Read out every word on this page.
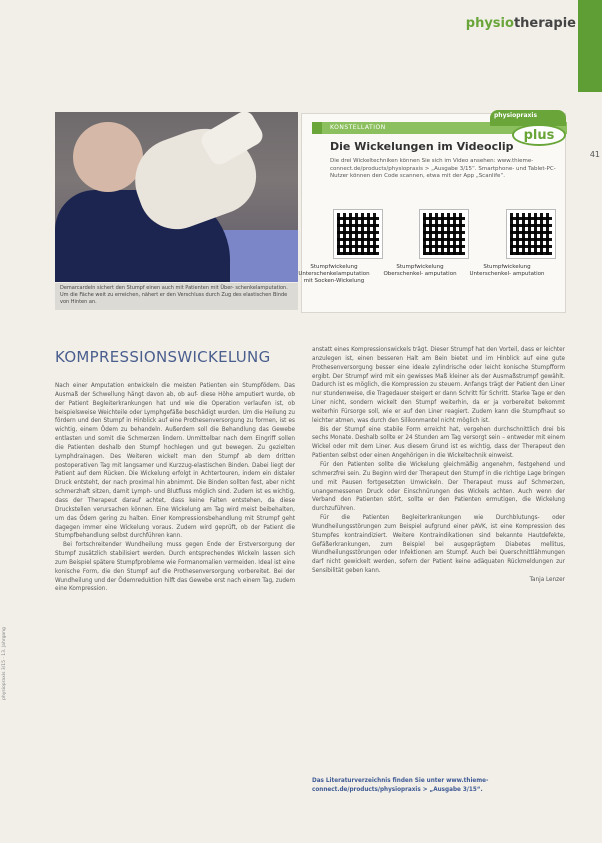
physiotherapie
41
Demarcardeln sichert den Stumpf einen auch mit Patienten mit Über- schenkelamputation. Um die Fäche weit zu erreichen, nähert er den Verschluss durch Zug des elastischen Binde von Hinten an.
KONSTELLATION
physiopraxis
plus
Die Wickelungen im Videoclip
Die drei Wickeltechniken können Sie sich im Video ansehen: www.thieme-connect.de/products/physiopraxis > „Ausgabe 3/15“. Smartphone- und Tablet-PC-Nutzer können den Code scannen, etwa mit der App „Scanlife“.
Stumpfwickelung Unterschenkelamputation mit Socken-Wickelung
Stumpfwickelung Oberschenkel- amputation
Stumpfwickelung Unterschenkel- amputation
KOMPRESSIONSWICKELUNG

Nach einer Amputation entwickeln die meisten Patienten ein Stumpfödem. Das Ausmaß der Schwellung hängt davon ab, ob auf- diese Höhe amputiert wurde, ob der Patient Begleiterkrankungen hat und wie die Operation verlaufen ist, ob beispielsweise Weichteile oder Lymphgefäße beschädigt wurden. Um die Heilung zu fördern und den Stumpf in Hinblick auf eine Prothesenversorgung zu formen, ist es wichtig, einem Ödem zu behandeln. Außerdem soll die Behandlung das Gewebe entlasten und somit die Schmerzen lindern. Unmittelbar nach dem Eingriff sollen die Patienten deshalb den Stumpf hochlegen und gut bewegen. Zu gezielten Lymphdrainagen. Des Weiteren wickelt man den Stumpf ab dem dritten postoperativen Tag mit langsamer und Kurzzug-elastischen Binden. Dabei liegt der Patient auf dem Rücken. Die Wickelung erfolgt in Achtertouren, indem ein distaler Druck entsteht, der nach proximal hin abnimmt. Die Binden sollten fest, aber nicht schmerzhaft sitzen, damit Lymph- und Blutfluss möglich sind. Zudem ist es wichtig, dass der Therapeut darauf achtet, dass keine Falten entstehen, da diese Druckstellen verursachen können. Eine Wickelung am Tag wird meist beibehalten, um das Ödem gering zu halten. Einer Kompressionsbehandlung mit Strumpf geht dagegen immer eine Wickelung voraus. Zudem wird geprüft, ob der Patient die Stumpfbehandlung selbst durchführen kann.

Bei fortschreitender Wundheilung muss gegen Ende der Erstversorgung der Stumpf zusätzlich stabilisiert werden. Durch entsprechendes Wickeln lassen sich zum Beispiel spätere Stumpfprobleme wie Formanomalien vermeiden. Ideal ist eine konische Form, die den Stumpf auf die Prothesenversorgung vorbereitet. Bei der Wundheilung und der Ödemreduktion hilft das Gewebe erst nach einem Tag, zudem eine Kompression.

anstatt eines Kompressionswickels trägt. Dieser Strumpf hat den Vorteil, dass er leichter anzulegen ist, einen besseren Halt am Bein bietet und im Hinblick auf eine gute Prothesenversorgung besser eine ideale zylindrische oder leicht konische Stumpfform ergibt. Der Strumpf wird mit ein gewisses Maß kleiner als der Ausmaßstrumpf gewählt. Dadurch ist es möglich, die Kompression zu steuern. Anfangs trägt der Patient den Liner nur stundenweise, die Tragedauer steigert er dann Schritt für Schritt. Starke Tage er den Liner nicht, sondern wickelt den Stumpf weiterhin, da er ja vorbereitet bekommt weiterhin Fürsorge soll, wie er auf den Liner reagiert. Zudem kann die Stumpfhaut so leichter atmen, was durch den Silikonmantel nicht möglich ist.

Bis der Stumpf eine stabile Form erreicht hat, vergehen durchschnittlich drei bis sechs Monate. Deshalb sollte er 24 Stunden am Tag versorgt sein – entweder mit einem Wickel oder mit dem Liner. Aus diesem Grund ist es wichtig, dass der Therapeut den Patienten selbst oder einen Angehörigen in die Wickeltechnik einweist.

Für den Patienten sollte die Wickelung gleichmäßig angenehm, festgehend und schmerzfrei sein. Zu Beginn wird der Therapeut den Stumpf in die richtige Lage bringen und mit Pausen fortgesetzten Umwickeln. Der Therapeut muss auf Schmerzen, unangemessenen Druck oder Einschnürungen des Wickels achten. Auch wenn der Verband den Patienten stört, sollte er den Patienten ermutigen, die Wickelung durchzuführen.

Für die Patienten Begleiterkrankungen wie Durchblutungs- oder Wundheilungsstörungen zum Beispiel aufgrund einer pAVK, ist eine Kompression des Stumpfes kontraindiziert. Weitere Kontraindikationen sind bekannte Hautdefekte, Gefäßerkrankungen, zum Beispiel bei ausgeprägtem Diabetes mellitus, Wundheilungsstörungen oder Infektionen am Stumpf. Auch bei Querschnittlähmungen darf nicht gewickelt werden, sofern der Patient keine adäquaten Rückmeldungen zur Sensibilität geben kann.

Tanja Lenzer
Das Literaturverzeichnis finden Sie unter www.thieme-connect.de/products/physiopraxis > „Ausgabe 3/15“.
physiopraxis 3/15 · 13. Jahrgang
